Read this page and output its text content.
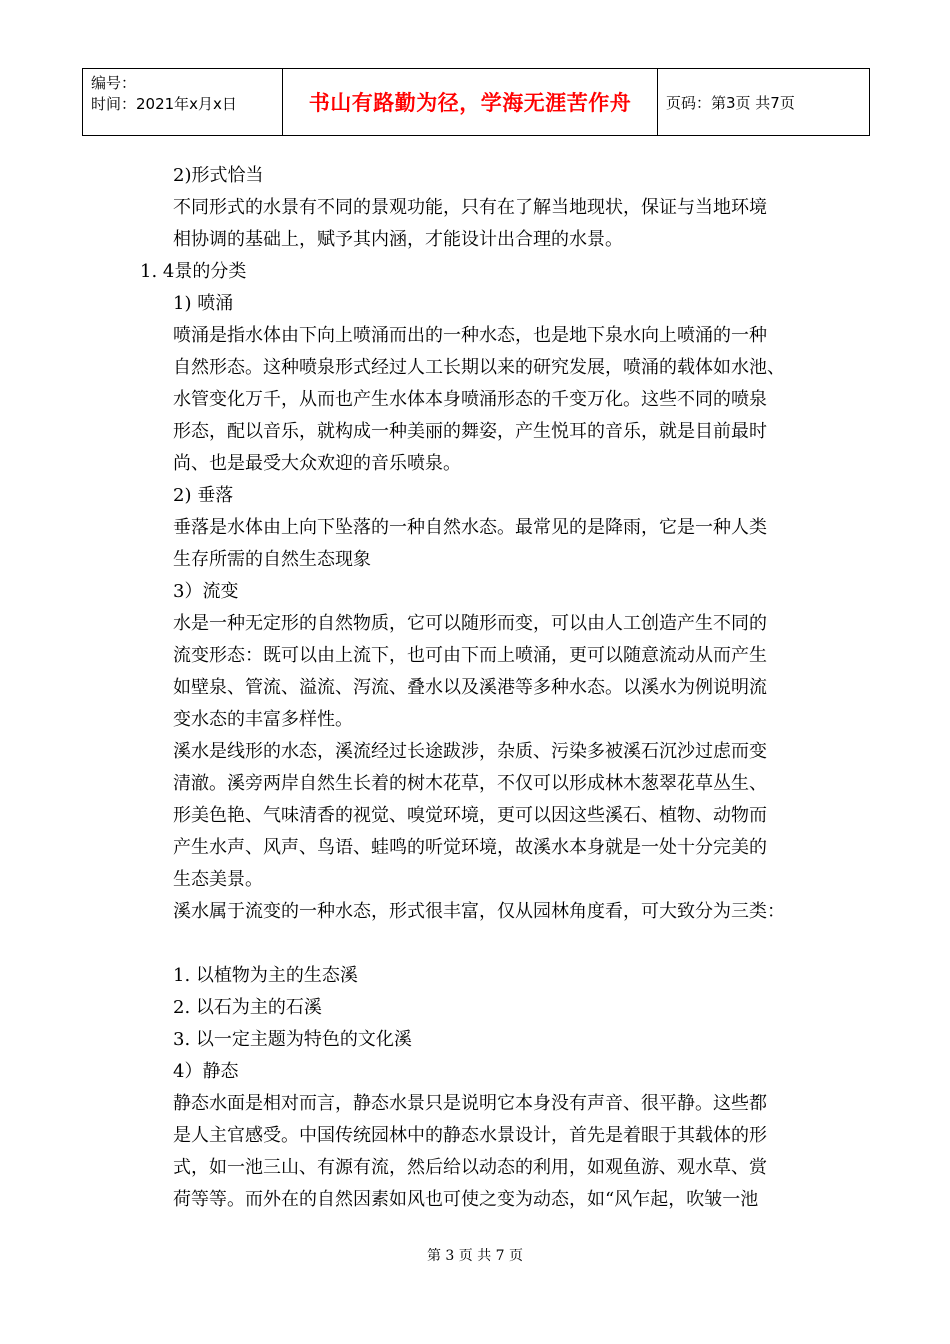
编号：
时间：2021年x月x日	书山有路勤为径，学海无涯苦作舟 页码：第3页 共7页
2)形式恰当
不同形式的水景有不同的景观功能，只有在了解当地现状，保证与当地环境
相协调的基础上，赋予其内涵，才能设计出合理的水景。
1. 4景的分类
1) 喷涌
喷涌是指水体由下向上喷涌而出的一种水态，也是地下泉水向上喷涌的一种
自然形态。这种喷泉形式经过人工长期以来的研究发展，喷涌的载体如水池、
水管变化万千，从而也产生水体本身喷涌形态的千变万化。这些不同的喷泉
形态，配以音乐，就构成一种美丽的舞姿，产生悦耳的音乐，就是目前最时
尚、也是最受大众欢迎的音乐喷泉。
2) 垂落
垂落是水体由上向下坠落的一种自然水态。最常见的是降雨，它是一种人类
生存所需的自然生态现象
3）流变
水是一种无定形的自然物质，它可以随形而变，可以由人工创造产生不同的
流变形态：既可以由上流下，也可由下而上喷涌，更可以随意流动从而产生
如壁泉、管流、溢流、泻流、叠水以及溪港等多种水态。以溪水为例说明流
变水态的丰富多样性。
溪水是线形的水态，溪流经过长途跋涉，杂质、污染多被溪石沉沙过虑而变
清澈。溪旁两岸自然生长着的树木花草，不仅可以形成林木葱翠花草丛生、
形美色艳、气味清香的视觉、嗅觉环境，更可以因这些溪石、植物、动物而
产生水声、风声、鸟语、蛙鸣的听觉环境，故溪水本身就是一处十分完美的
生态美景。
溪水属于流变的一种水态，形式很丰富，仅从园林角度看，可大致分为三类：
1. 以植物为主的生态溪
2. 以石为主的石溪
3. 以一定主题为特色的文化溪
4）静态
静态水面是相对而言，静态水景只是说明它本身没有声音、很平静。这些都
是人主官感受。中国传统园林中的静态水景设计，首先是着眼于其载体的形
式，如一池三山、有源有流，然后给以动态的利用，如观鱼游、观水草、赏
荷等等。而外在的自然因素如风也可使之变为动态，如“风乍起，吹皱一池
第 3 页 共 7 页
